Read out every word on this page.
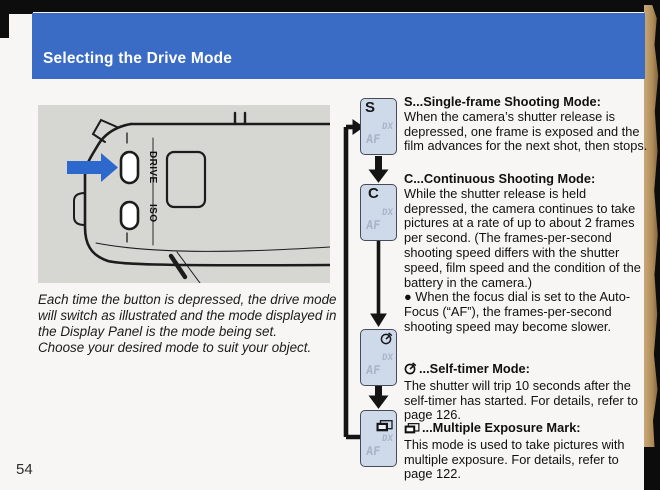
Selecting the Drive Mode
DRIVE
ISO
Each time the button is depressed, the drive mode will switch as illustrated and the mode displayed in the Display Panel is the mode being set.
Choose your desired mode to suit your object.
S
DX
AF
C
DX
AF
DX
AF
DX
AF
S...Single-frame Shooting Mode:
When the camera’s shutter release is depressed, one frame is exposed and the film advances for the next shot, then stops.
C...Continuous Shooting Mode:
While the shutter release is held depressed, the camera continues to take pictures at a rate of up to about 2 frames per second. (The frames-per-second shooting speed differs with the shutter speed, film speed and the condition of the battery in the camera.)
● When the focus dial is set to the Auto-Focus (“AF”), the frames-per-second shooting speed may become slower.
...Self-timer Mode:
The shutter will trip 10 seconds after the self-timer has started. For details, refer to page 126.
...Multiple Exposure Mark:
This mode is used to take pictures with multiple exposure. For details, refer to page 122.
54
